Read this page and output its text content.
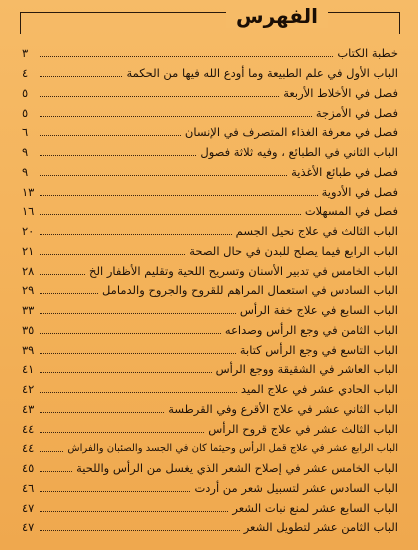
الفهرس
خطبة الكتاب
٣
الباب الأول في علم الطبيعة وما أودع الله فيها من الحكمة
٤
فصل في الأخلاط الأربعة
٥
فصل في الأمزجة
٥
فصل في معرفة الغذاء المتصرف في الإنسان
٦
الباب الثاني في الطبائع ، وفيه ثلاثة فصول
٩
فصل في طبائع الأغذية
٩
فصل في الأدوية
١٣
فصل في المسهلات
١٦
الباب الثالث في علاج نحيل الجسم
٢٠
الباب الرابع فيما يصلح للبدن في حال الصحة
٢١
الباب الخامس في تدبير الأسنان وتسريح اللحية وتقليم الأظفار الخ
٢٨
الباب السادس في استعمال المراهم للقروح والجروح والدمامل
٢٩
الباب السابع في علاج خفة الرأس
٣٣
الباب الثامن في وجع الرأس وصداعه
٣٥
الباب التاسع في وجع الرأس كتابة
٣٩
الباب العاشر في الشقيقة ووجع الرأس
٤١
الباب الحادي عشر في علاج الميد
٤٢
الباب الثاني عشر في علاج الأقرع وفي القرطسة
٤٣
الباب الثالث عشر في علاج قروح الرأس
٤٤
الباب الرابع عشر في علاج قمل الرأس وحيثما كان في الجسد والصئبان والفراش
٤٤
الباب الخامس عشر في إصلاح الشعر الذي يغسل من الرأس واللحية
٤٥
الباب السادس عشر لتسبيل شعر من أردت
٤٦
الباب السابع عشر لمنع نبات الشعر
٤٧
الباب الثامن عشر لتطويل الشعر
٤٧
